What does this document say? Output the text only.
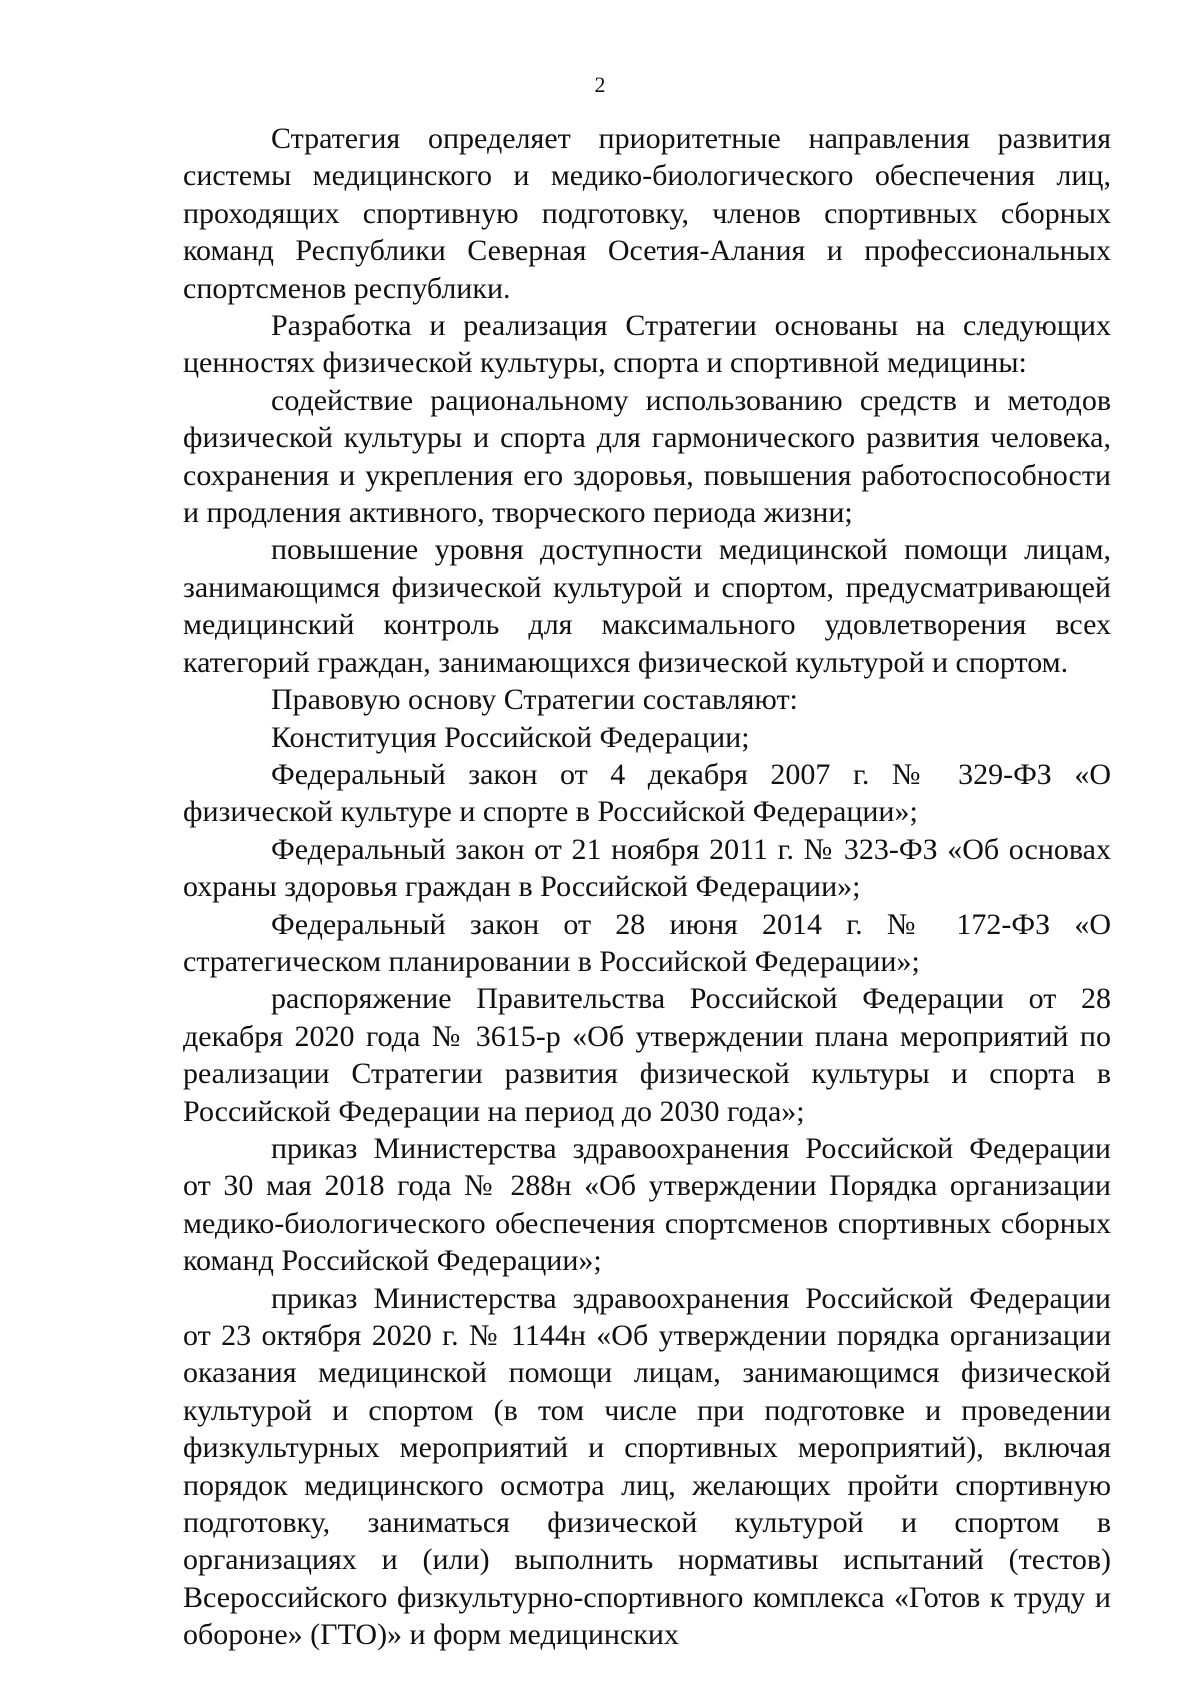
2

Стратегия определяет приоритетные направления развития системы медицинского и медико-биологического обеспечения лиц, проходящих спортивную подготовку, членов спортивных сборных команд Республики Северная Осетия-Алания и профессиональных спортсменов республики.

Разработка и реализация Стратегии основаны на следующих ценностях физической культуры, спорта и спортивной медицины:

содействие рациональному использованию средств и методов физической культуры и спорта для гармонического развития человека, сохранения и укрепления его здоровья, повышения работоспособности и продления активного, творческого периода жизни;

повышение уровня доступности медицинской помощи лицам, занимающимся физической культурой и спортом, предусматривающей медицинский контроль для максимального удовлетворения всех категорий граждан, занимающихся физической культурой и спортом.

Правовую основу Стратегии составляют:

Конституция Российской Федерации;

Федеральный закон от 4 декабря 2007 г. № 329-ФЗ «О физической культуре и спорте в Российской Федерации»;

Федеральный закон от 21 ноября 2011 г. № 323-ФЗ «Об основах охраны здоровья граждан в Российской Федерации»;

Федеральный закон от 28 июня 2014 г. № 172-ФЗ «О стратегическом планировании в Российской Федерации»;

распоряжение Правительства Российской Федерации от 28 декабря 2020 года № 3615-р «Об утверждении плана мероприятий по реализации Стратегии развития физической культуры и спорта в Российской Федерации на период до 2030 года»;

приказ Министерства здравоохранения Российской Федерации от 30 мая 2018 года № 288н «Об утверждении Порядка организации медико-биологического обеспечения спортсменов спортивных сборных команд Российской Федерации»;

приказ Министерства здравоохранения Российской Федерации от 23 октября 2020 г. № 1144н «Об утверждении порядка организации оказания медицинской помощи лицам, занимающимся физической культурой и спортом (в том числе при подготовке и проведении физкультурных мероприятий и спортивных мероприятий), включая порядок медицинского осмотра лиц, желающих пройти спортивную подготовку, заниматься физической культурой и спортом в организациях и (или) выполнить нормативы испытаний (тестов) Всероссийского физкультурно-спортивного комплекса «Готов к труду и обороне» (ГТО)» и форм медицинских
